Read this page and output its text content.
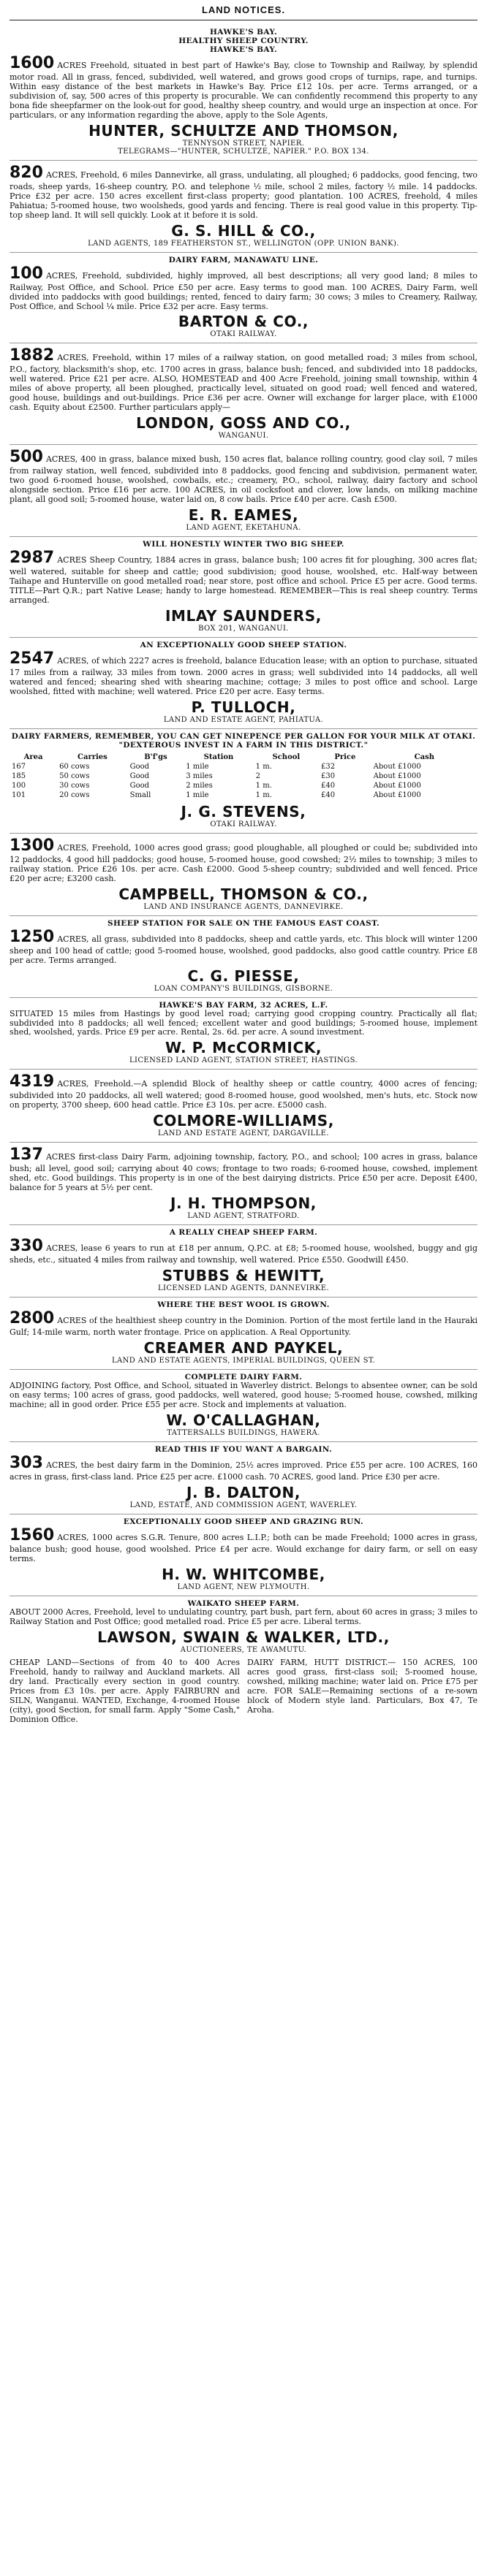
LAND NOTICES.
HAWKE'S BAY.
HEALTHY SHEEP COUNTRY.
HAWKE'S BAY.
1600 ACRES Freehold, situated in best part of Hawke's Bay, close to Township and Railway, by splendid motor road. All in grass, fenced, subdivided, well watered, and grows good crops of turnips, rape, and turnips. Within easy distance of the best markets in Hawke's Bay. Price £12 10s. per acre. Terms arranged, or a subdivision of, say, 500 acres of this property is procurable. We can confidently recommend this property to any bona fide sheepfarmer on the look-out for good, healthy sheep country, and would urge an inspection at once. For particulars, or any information regarding the above, apply to the Sole Agents,
HUNTER, SCHULTZE AND THOMSON,
TENNYSON STREET, NAPIER.
TELEGRAMS—"HUNTER, SCHULTZE, NAPIER." P.O. BOX 134.
820 ACRES, Freehold, 6 miles Dannevirke, all grass, undulating, all ploughed; 6 paddocks, good fencing, two roads, sheep yards, 16-sheep country, P.O. and telephone ½ mile, school 2 miles, factory ½ mile. 14 paddocks. Price £32 per acre. 150 acres excellent first-class property; good plantation. 100 ACRES, freehold, 4 miles Pahiatua; 5-roomed house, two woolsheds, good yards and fencing. There is real good value in this property. Tip-top sheep land. It will sell quickly. Look at it before it is sold.
G. S. HILL & CO.,
LAND AGENTS, 189 FEATHERSTON ST., WELLINGTON (OPP. UNION BANK).
DAIRY FARM, MANAWATU LINE.
100 ACRES, Freehold, subdivided, highly improved, all best descriptions; all very good land; 8 miles to Railway, Post Office, and School. Price £50 per acre. Easy terms to good man. 100 ACRES, Dairy Farm, well divided into paddocks with good buildings; rented, fenced to dairy farm; 30 cows; 3 miles to Creamery, Railway, Post Office, and School ¼ mile. Price £32 per acre. Easy terms.
BARTON & CO.,
OTAKI RAILWAY.
1882 ACRES, Freehold, within 17 miles of a railway station, on good metalled road; 3 miles from school, P.O., factory, blacksmith's shop, etc. 1700 acres in grass, balance bush; fenced, and subdivided into 18 paddocks, well watered. Price £21 per acre. ALSO, HOMESTEAD and 400 Acre Freehold, joining small township, within 4 miles of above property, all been ploughed, practically level, situated on good road; well fenced and watered, good house, buildings and out-buildings. Price £36 per acre. Owner will exchange for larger place, with £1000 cash. Equity about £2500. Further particulars apply—
LONDON, GOSS AND CO.,
WANGANUI.
500 ACRES, 400 in grass, balance mixed bush, 150 acres flat, balance rolling country, good clay soil, 7 miles from railway station, well fenced, subdivided into 8 paddocks, good fencing and subdivision, permanent water, two good 6-roomed house, woolshed, cowbails, etc.; creamery, P.O., school, railway, dairy factory and school alongside section. Price £16 per acre. 100 ACRES, in oil cocksfoot and clover, low lands, on milking machine plant, all good soil; 5-roomed house, water laid on, 8 cow bails. Price £40 per acre. Cash £500.
E. R. EAMES,
LAND AGENT, EKETAHUNA.
WILL HONESTLY WINTER TWO BIG SHEEP.
2987 ACRES Sheep Country, 1884 acres in grass, balance bush; 100 acres fit for ploughing, 300 acres flat; well watered, suitable for sheep and cattle; good subdivision; good house, woolshed, etc. Half-way between Taihape and Hunterville on good metalled road; near store, post office and school. Price £5 per acre. Good terms. TITLE—Part Q.R.; part Native Lease; handy to large homestead. REMEMBER—This is real sheep country. Terms arranged.
IMLAY SAUNDERS,
BOX 201, WANGANUI.
AN EXCEPTIONALLY GOOD SHEEP STATION.
2547 ACRES, of which 2227 acres is freehold, balance Education lease; with an option to purchase, situated 17 miles from a railway, 33 miles from town. 2000 acres in grass; well subdivided into 14 paddocks, all well watered and fenced; shearing shed with shearing machine; cottage; 3 miles to post office and school. Large woolshed, fitted with machine; well watered. Price £20 per acre. Easy terms.
P. TULLOCH,
LAND AND ESTATE AGENT, PAHIATUA.
DAIRY FARMERS, REMEMBER, YOU CAN GET NINEPENCE PER GALLON FOR YOUR MILK AT OTAKI. "DEXTEROUS INVEST IN A FARM IN THIS DISTRICT."
Area	Carries	B'f'gs	Station	School	Price	Cash
167	60 cows	Good	1 mile	1 m.	£32	About £1000
185	50 cows	Good	3 miles	2	£30	About £1000
100	30 cows	Good	2 miles	1 m.	£40	About £1000
101	20 cows	Small	1 mile	1 m.	£40	About £1000
J. G. STEVENS,
OTAKI RAILWAY.
1300 ACRES, Freehold, 1000 acres good grass; good ploughable, all ploughed or could be; subdivided into 12 paddocks, 4 good hill paddocks; good house, 5-roomed house, good cowshed; 2½ miles to township; 3 miles to railway station. Price £26 10s. per acre. Cash £2000. Good 5-sheep country; subdivided and well fenced. Price £20 per acre; £3200 cash.
CAMPBELL, THOMSON & CO.,
LAND AND INSURANCE AGENTS, DANNEVIRKE.
SHEEP STATION FOR SALE ON THE FAMOUS EAST COAST.
1250 ACRES, all grass, subdivided into 8 paddocks, sheep and cattle yards, etc. This block will winter 1200 sheep and 100 head of cattle; good 5-roomed house, woolshed, good paddocks, also good cattle country. Price £8 per acre. Terms arranged.
C. G. PIESSE,
LOAN COMPANY'S BUILDINGS, GISBORNE.
HAWKE'S BAY FARM, 32 ACRES, L.F.
SITUATED 15 miles from Hastings by good level road; carrying good cropping country. Practically all flat; subdivided into 8 paddocks; all well fenced; excellent water and good buildings; 5-roomed house, implement shed, woolshed, yards. Price £9 per acre. Rental, 2s. 6d. per acre. A sound investment.
W. P. McCORMICK,
LICENSED LAND AGENT, STATION STREET, HASTINGS.
4319 ACRES, Freehold.—A splendid Block of healthy sheep or cattle country, 4000 acres of fencing; subdivided into 20 paddocks, all well watered; good 8-roomed house, good woolshed, men's huts, etc. Stock now on property, 3700 sheep, 600 head cattle. Price £3 10s. per acre. £5000 cash.
COLMORE-WILLIAMS,
LAND AND ESTATE AGENT, DARGAVILLE.
137 ACRES first-class Dairy Farm, adjoining township, factory, P.O., and school; 100 acres in grass, balance bush; all level, good soil; carrying about 40 cows; frontage to two roads; 6-roomed house, cowshed, implement shed, etc. Good buildings. This property is in one of the best dairying districts. Price £50 per acre. Deposit £400, balance for 5 years at 5½ per cent.
J. H. THOMPSON,
LAND AGENT, STRATFORD.
A REALLY CHEAP SHEEP FARM.
330 ACRES, lease 6 years to run at £18 per annum, Q.P.C. at £8; 5-roomed house, woolshed, buggy and gig sheds, etc., situated 4 miles from railway and township, well watered. Price £550. Goodwill £450.
STUBBS & HEWITT,
LICENSED LAND AGENTS, DANNEVIRKE.
WHERE THE BEST WOOL IS GROWN.
2800 ACRES of the healthiest sheep country in the Dominion. Portion of the most fertile land in the Hauraki Gulf; 14-mile warm, north water frontage. Price on application. A Real Opportunity.
CREAMER AND PAYKEL,
LAND AND ESTATE AGENTS, IMPERIAL BUILDINGS, QUEEN ST.
COMPLETE DAIRY FARM.
ADJOINING factory, Post Office, and School, situated in Waverley district. Belongs to absentee owner, can be sold on easy terms; 100 acres of grass, good paddocks, well watered, good house; 5-roomed house, cowshed, milking machine; all in good order. Price £55 per acre. Stock and implements at valuation.
W. O'CALLAGHAN,
TATTERSALLS BUILDINGS, HAWERA.
READ THIS IF YOU WANT A BARGAIN.
303 ACRES, the best dairy farm in the Dominion, 25½ acres improved. Price £55 per acre. 100 ACRES, 160 acres in grass, first-class land. Price £25 per acre. £1000 cash. 70 ACRES, good land. Price £30 per acre.
J. B. DALTON,
LAND, ESTATE, AND COMMISSION AGENT, WAVERLEY.
EXCEPTIONALLY GOOD SHEEP AND GRAZING RUN.
1560 ACRES, 1000 acres S.G.R. Tenure, 800 acres L.I.P.; both can be made Freehold; 1000 acres in grass, balance bush; good house, good woolshed. Price £4 per acre. Would exchange for dairy farm, or sell on easy terms.
H. W. WHITCOMBE,
LAND AGENT, NEW PLYMOUTH.
WAIKATO SHEEP FARM.
ABOUT 2000 Acres, Freehold, level to undulating country, part bush, part fern, about 60 acres in grass; 3 miles to Railway Station and Post Office; good metalled road. Price £5 per acre. Liberal terms.
LAWSON, SWAIN & WALKER, LTD.,
AUCTIONEERS, TE AWAMUTU.
CHEAP LAND—Sections of from 40 to 400 Acres Freehold, handy to railway and Auckland markets. All dry land. Practically every section in good country. Prices from £3 10s. per acre. Apply FAIRBURN and SILN, Wanganui. WANTED, Exchange, 4-roomed House (city), good Section, for small farm. Apply "Some Cash," Dominion Office.
DAIRY FARM, HUTT DISTRICT.— 150 ACRES, 100 acres good grass, first-class soil; 5-roomed house, cowshed, milking machine; water laid on. Price £75 per acre. FOR SALE—Remaining sections of a re-sown block of Modern style land. Particulars, Box 47, Te Aroha.
